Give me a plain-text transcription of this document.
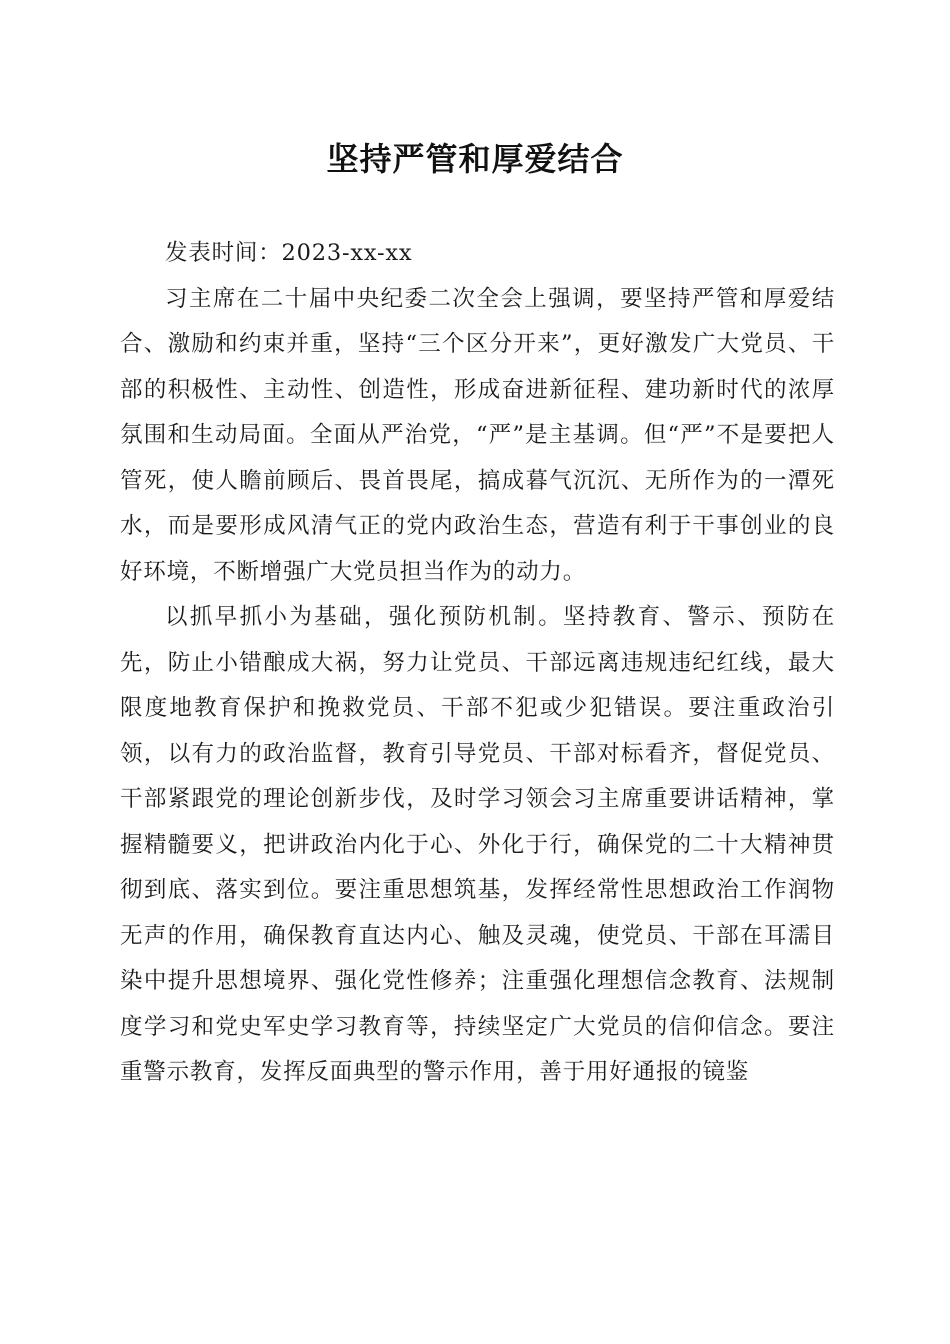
坚持严管和厚爱结合

发表时间：2023-xx-xx

习主席在二十届中央纪委二次全会上强调，要坚持严管和厚爱结合、激励和约束并重，坚持“三个区分开来”，更好激发广大党员、干部的积极性、主动性、创造性，形成奋进新征程、建功新时代的浓厚氛围和生动局面。全面从严治党，“严”是主基调。但“严”不是要把人管死，使人瞻前顾后、畏首畏尾，搞成暮气沉沉、无所作为的一潭死水，而是要形成风清气正的党内政治生态，营造有利于干事创业的良好环境，不断增强广大党员担当作为的动力。

以抓早抓小为基础，强化预防机制。坚持教育、警示、预防在先，防止小错酿成大祸，努力让党员、干部远离违规违纪红线，最大限度地教育保护和挽救党员、干部不犯或少犯错误。要注重政治引领，以有力的政治监督，教育引导党员、干部对标看齐，督促党员、干部紧跟党的理论创新步伐，及时学习领会习主席重要讲话精神，掌握精髓要义，把讲政治内化于心、外化于行，确保党的二十大精神贯彻到底、落实到位。要注重思想筑基，发挥经常性思想政治工作润物无声的作用，确保教育直达内心、触及灵魂，使党员、干部在耳濡目染中提升思想境界、强化党性修养；注重强化理想信念教育、法规制度学习和党史军史学习教育等，持续坚定广大党员的信仰信念。要注重警示教育，发挥反面典型的警示作用，善于用好通报的镜鉴
